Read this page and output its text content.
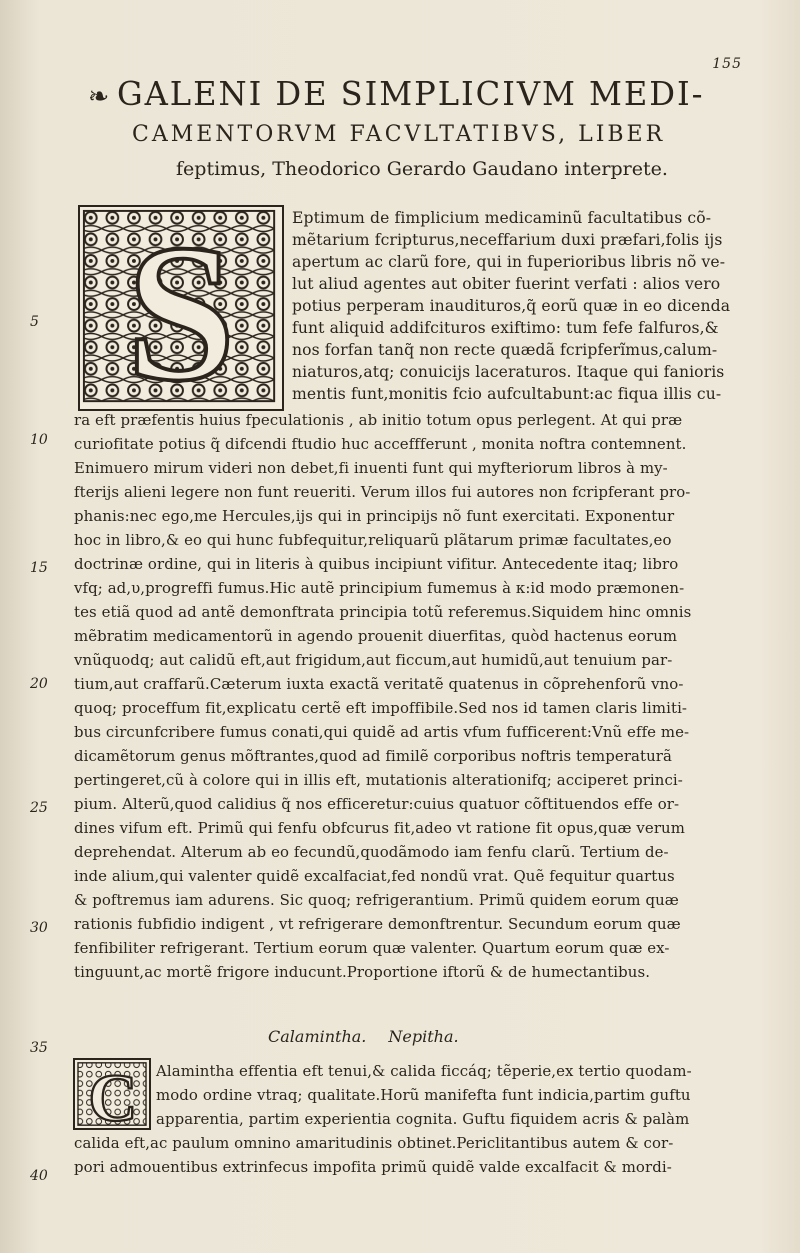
155
❧ GALENI DE SIMPLICIVM MEDI-
CAMENTORVM FACVLTATIBVS, LIBER
feptimus, Theodorico Gerardo Gaudano interprete.
S
C
5
10
15
20
25
30
35
40
Eptimum de fimplicium medicaminũ facultatibus cõ-
mẽtarium fcripturus,neceffarium duxi præfari,folis ijs
apertum ac clarũ fore, qui in fuperioribus libris nõ ve-
lut aliud agentes aut obiter fuerint verfati : alios vero
potius perperam inaudituros,q̃ eorũ quæ in eo dicenda
funt aliquid addifcituros exiftimo: tum fefe falfuros,&
nos forfan tanq̃ non recte quædã fcripferĩmus,calum-
niaturos,atq; conuicijs laceraturos. Itaque qui fanioris
mentis funt,monitis fcio aufcultabunt:ac fiqua illis cu-
ra eft præfentis huius fpeculationis , ab initio totum opus perlegent. At qui præ
curiofitate potius q̃ difcendi ftudio huc acceffferunt , monita noftra contemnent.
Enimuero mirum videri non debet,fi inuenti funt qui myfteriorum libros à my-
fterijs alieni legere non funt reueriti. Verum illos fui autores non fcripferant pro-
phanis:nec ego,me Hercules,ijs qui in principijs nõ funt exercitati. Exponentur
hoc in libro,& eo qui hunc fubfequitur,reliquarũ plãtarum primæ facultates,eo
doctrinæ ordine, qui in literis à quibus incipiunt vifitur. Antecedente itaq; libro
vfq; ad,υ,progreffi fumus.Hic autẽ principium fumemus à κ:id modo præmonen-
tes etiã quod ad antẽ demonftrata principia totũ referemus.Siquidem hinc omnis
mẽbratim medicamentorũ in agendo prouenit diuerfitas, quòd hactenus eorum
vnũquodq; aut calidũ eft,aut frigidum,aut ficcum,aut humidũ,aut tenuium par-
tium,aut craffarũ.Cæterum iuxta exactã veritatẽ quatenus in cõprehenforũ vno-
quoq; proceffum fit,explicatu certẽ eft impoffibile.Sed nos id tamen claris limiti-
bus circunfcribere fumus conati,qui quidẽ ad artis vfum fufficerent:Vnũ effe me-
dicamẽtorum genus mõftrantes,quod ad fimilẽ corporibus noftris temperaturã
pertingeret,cũ à colore qui in illis eft, mutationis alterationifq; acciperet princi-
pium. Alterũ,quod calidius q̃ nos efficeretur:cuius quatuor cõftituendos effe or-
dines vifum eft. Primũ qui fenfu obfcurus fit,adeo vt ratione fit opus,quæ verum
deprehendat. Alterum ab eo fecundũ,quodãmodo iam fenfu clarũ. Tertium de-
inde alium,qui valenter quidẽ excalfaciat,fed nondũ vrat. Quẽ fequitur quartus
& poftremus iam adurens. Sic quoq; refrigerantium. Primũ quidem eorum quæ
rationis fubfidio indigent , vt refrigerare demonftrentur. Secundum eorum quæ
fenfibiliter refrigerant. Tertium eorum quæ valenter. Quartum eorum quæ ex-
tinguunt,ac mortẽ frigore inducunt.Proportione iftorũ & de humectantibus.
Calamintha. Nepitha.
Alamintha effentia eft tenui,& calida ficcáq; tẽperie,ex tertio quodam-
modo ordine vtraq; qualitate.Horũ manifefta funt indicia,partim guftu
apparentia, partim experientia cognita. Guftu fiquidem acris & palàm
calida eft,ac paulum omnino amaritudinis obtinet.Periclitantibus autem & cor-
pori admouentibus extrinfecus impofita primũ quidẽ valde excalfacit & mordi-
